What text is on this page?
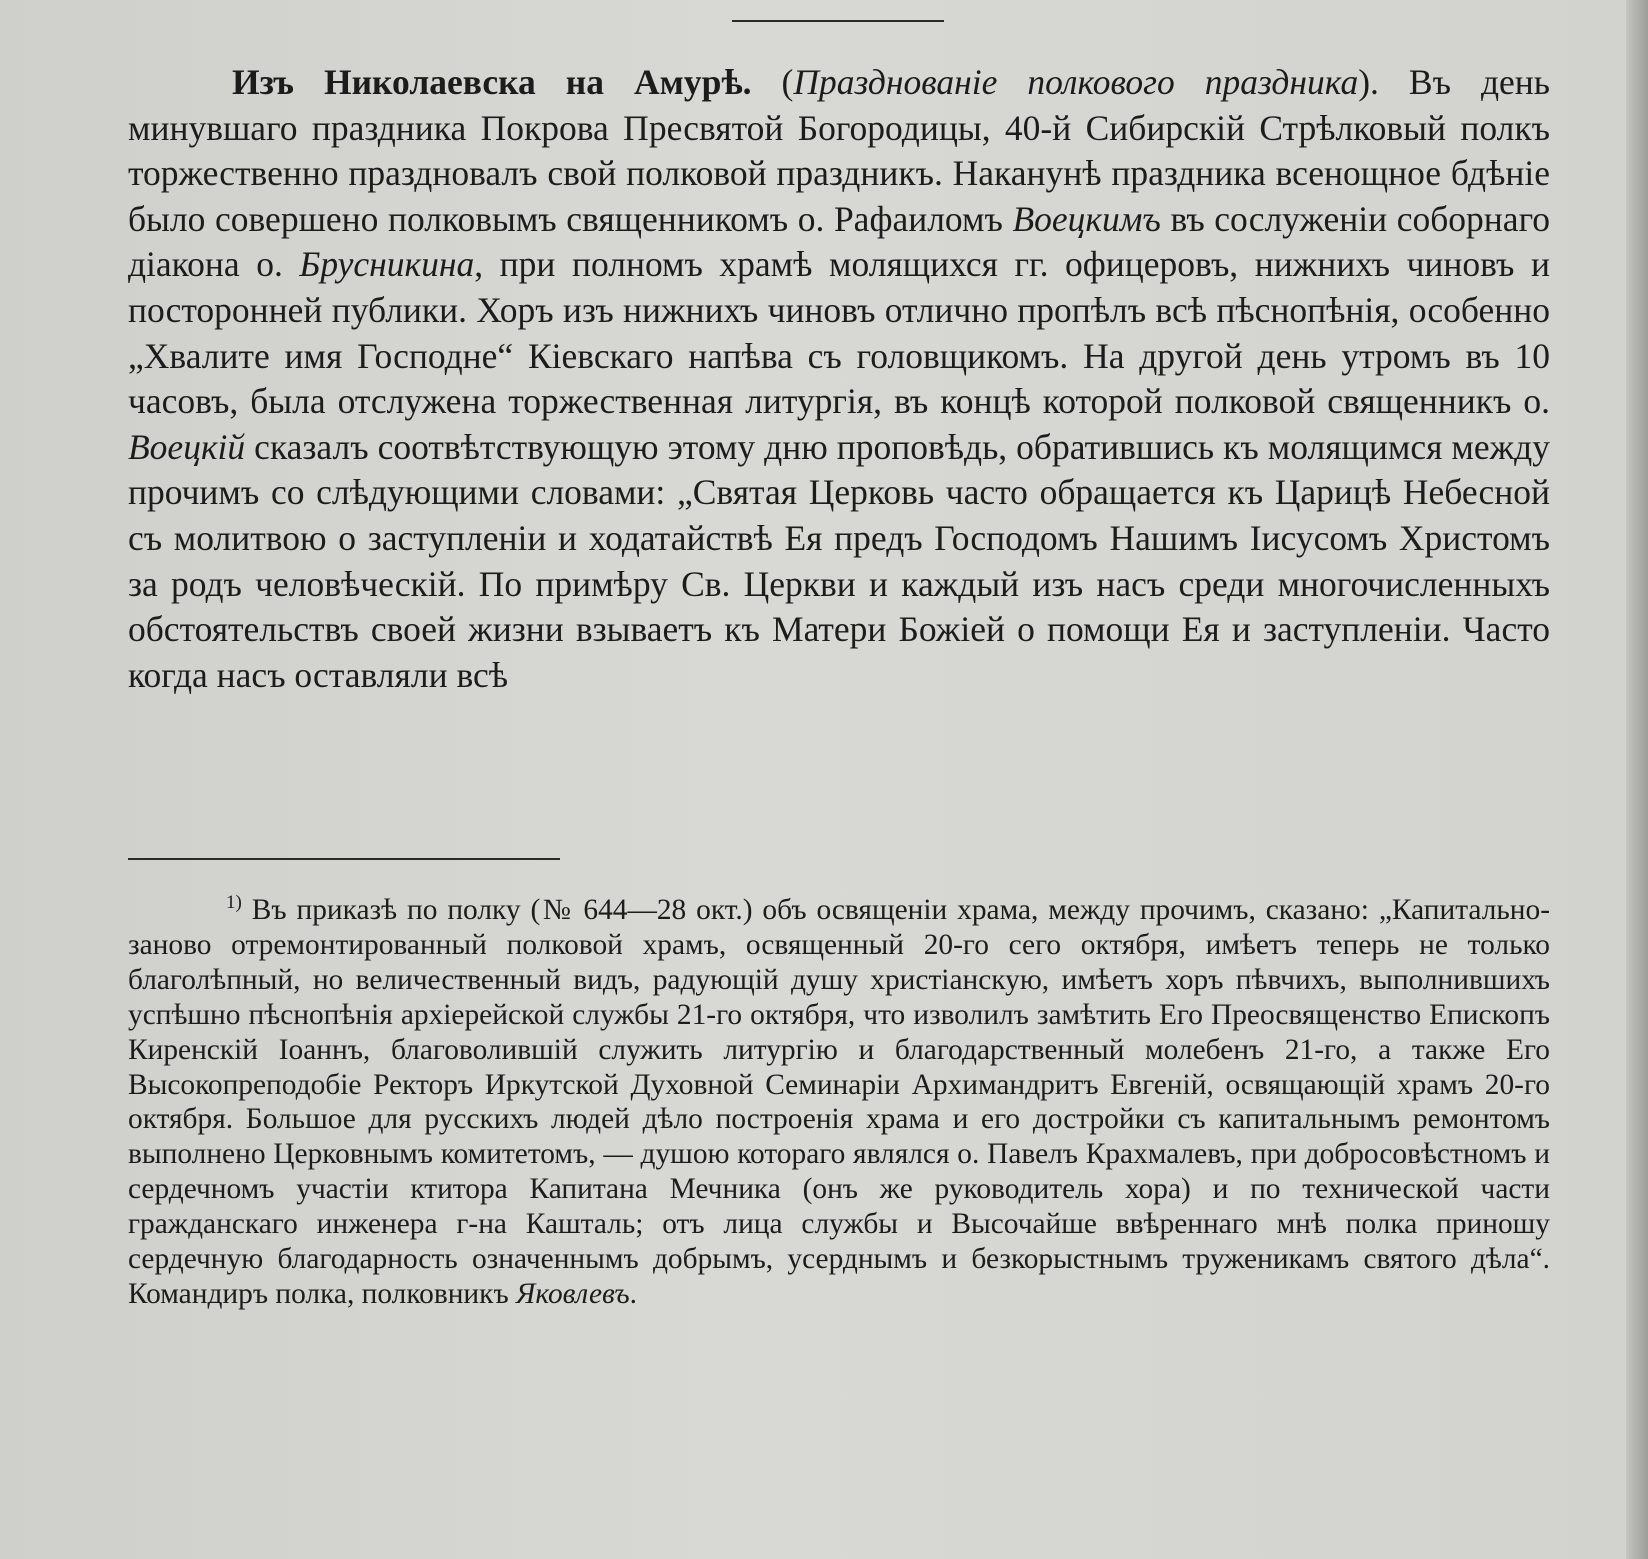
Изъ Николаевска на Амурѣ. (Празднованіе полкового праздника). Въ день минувшаго праздника Покрова Пресвятой Богородицы, 40-й Сибирскій Стрѣлковый полкъ торжественно праздновалъ свой полковой праздникъ. Наканунѣ праздника всенощное бдѣніе было совершено полковымъ священникомъ о. Рафаиломъ Воецкимъ въ сослуженіи соборнаго діакона о. Брусникина, при полномъ храмѣ молящихся гг. офицеровъ, нижнихъ чиновъ и посторонней публики. Хоръ изъ нижнихъ чиновъ отлично пропѣлъ всѣ пѣснопѣнія, особенно „Хвалите имя Господне“ Кіевскаго напѣва съ головщикомъ. На другой день утромъ въ 10 часовъ, была отслужена торжественная литургія, въ концѣ которой полковой священникъ о. Воецкій сказалъ соотвѣтствующую этому дню проповѣдь, обратившись къ молящимся между прочимъ со слѣдующими словами: „Святая Церковь часто обращается къ Царицѣ Небесной съ молитвою о заступленіи и ходатайствѣ Ея предъ Господомъ Нашимъ Іисусомъ Христомъ за родъ человѣческій. По примѣру Св. Церкви и каждый изъ насъ среди многочисленныхъ обстоятельствъ своей жизни взываетъ къ Матери Божіей о помощи Ея и заступленіи. Часто когда насъ оставляли всѣ

$^{1)}$ Въ приказѣ по полку (№ 644—28 окт.) объ освященіи храма, между прочимъ, сказано: „Капитально-заново отремонтированный полковой храмъ, освященный 20-го сего октября, имѣетъ теперь не только благолѣпный, но величественный видъ, радующій душу христіанскую, имѣетъ хоръ пѣвчихъ, выполнившихъ успѣшно пѣснопѣнія архіерейской службы 21-го октября, что изволилъ замѣтить Его Преосвященство Епископъ Киренскій Іоаннъ, благоволившій служить литургію и благодарственный молебенъ 21-го, а также Его Высокопреподобіе Ректоръ Иркутской Духовной Семинаріи Архимандритъ Евгеній, освящающій храмъ 20-го октября. Большое для русскихъ людей дѣло построенія храма и его достройки съ капитальнымъ ремонтомъ выполнено Церковнымъ комитетомъ, — душою котораго являлся о. Павелъ Крахмалевъ, при добросовѣстномъ и сердечномъ участіи ктитора Капитана Мечника (онъ же руководитель хора) и по технической части гражданскаго инженера г-на Кашталь; отъ лица службы и Высочайше ввѣреннаго мнѣ полка приношу сердечную благодарность означеннымъ добрымъ, усерднымъ и безкорыстнымъ труженикамъ святого дѣла“. Командиръ полка, полковникъ Яковлевъ.
